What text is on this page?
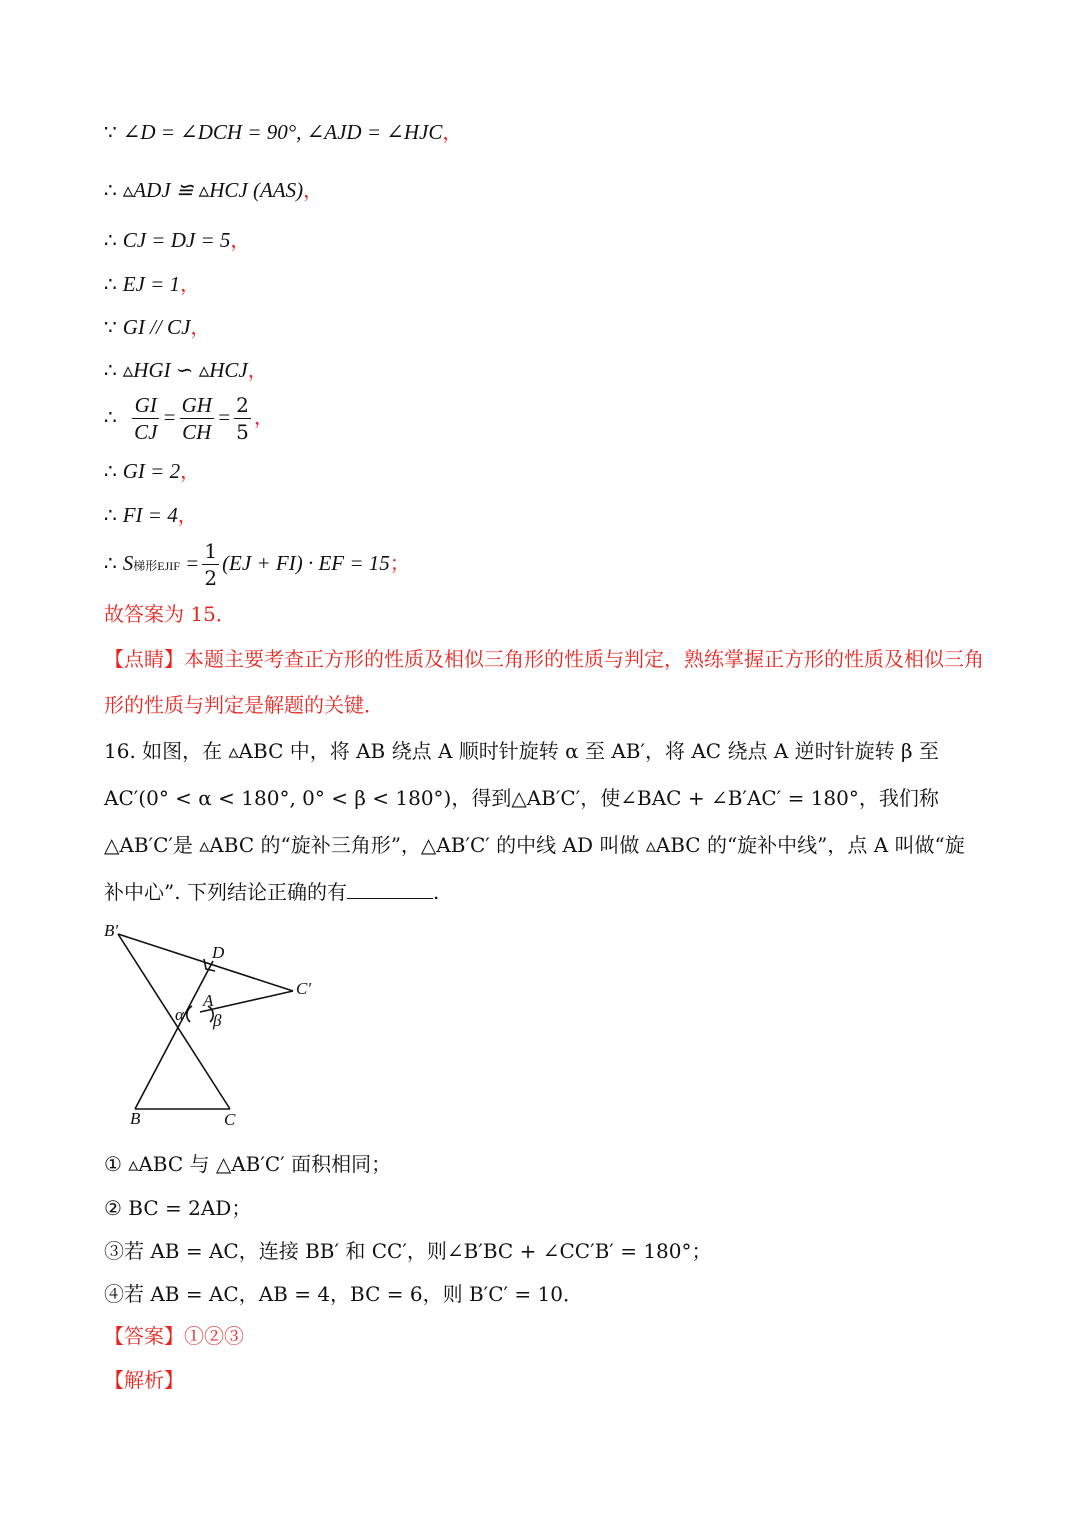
∵ ∠D = ∠DCH = 90°, ∠AJD = ∠HJC，
∴ ▵ADJ ≌ ▵HCJ (AAS)，
∴ CJ = DJ = 5，
∴ EJ = 1，
∵ GI // CJ，
∴ ▵HGI ∽ ▵HCJ，
∴ $\frac{GI}{CJ} = \frac{GH}{CH} = \frac{2}{5}$ ，
∴ GI = 2，
∴ FI = 4，
∴ S梯形EJIF = $\frac{1}{2} (EJ + FI)$ · EF = 15；
故答案为 15．
【点睛】本题主要考查正方形的性质及相似三角形的性质与判定，熟练掌握正方形的性质及相似三角形的性质与判定是解题的关键．
16. 如图，在 ▵ABC 中，将 AB 绕点 A 顺时针旋转 α 至 AB′，将 AC 绕点 A 逆时针旋转 β 至 AC′(0° < α < 180°, 0° < β < 180°)，得到△AB′C′，使∠BAC + ∠B′AC′ = 180°，我们称△AB′C′是 ▵ABC 的“旋补三角形”，△AB′C′ 的中线 AD 叫做 ▵ABC 的“旋补中线”，点 A 叫做“旋补中心”. 下列结论正确的有	.
B′
D
C′
A
α β
B	C
① ▵ABC 与 △AB′C′ 面积相同；
② BC = 2AD；
③若 AB = AC，连接 BB′ 和 CC′，则∠B′BC + ∠CC′B′ = 180°；
④若 AB = AC，AB = 4，BC = 6，则 B′C′ = 10．
【答案】①②③
【解析】
